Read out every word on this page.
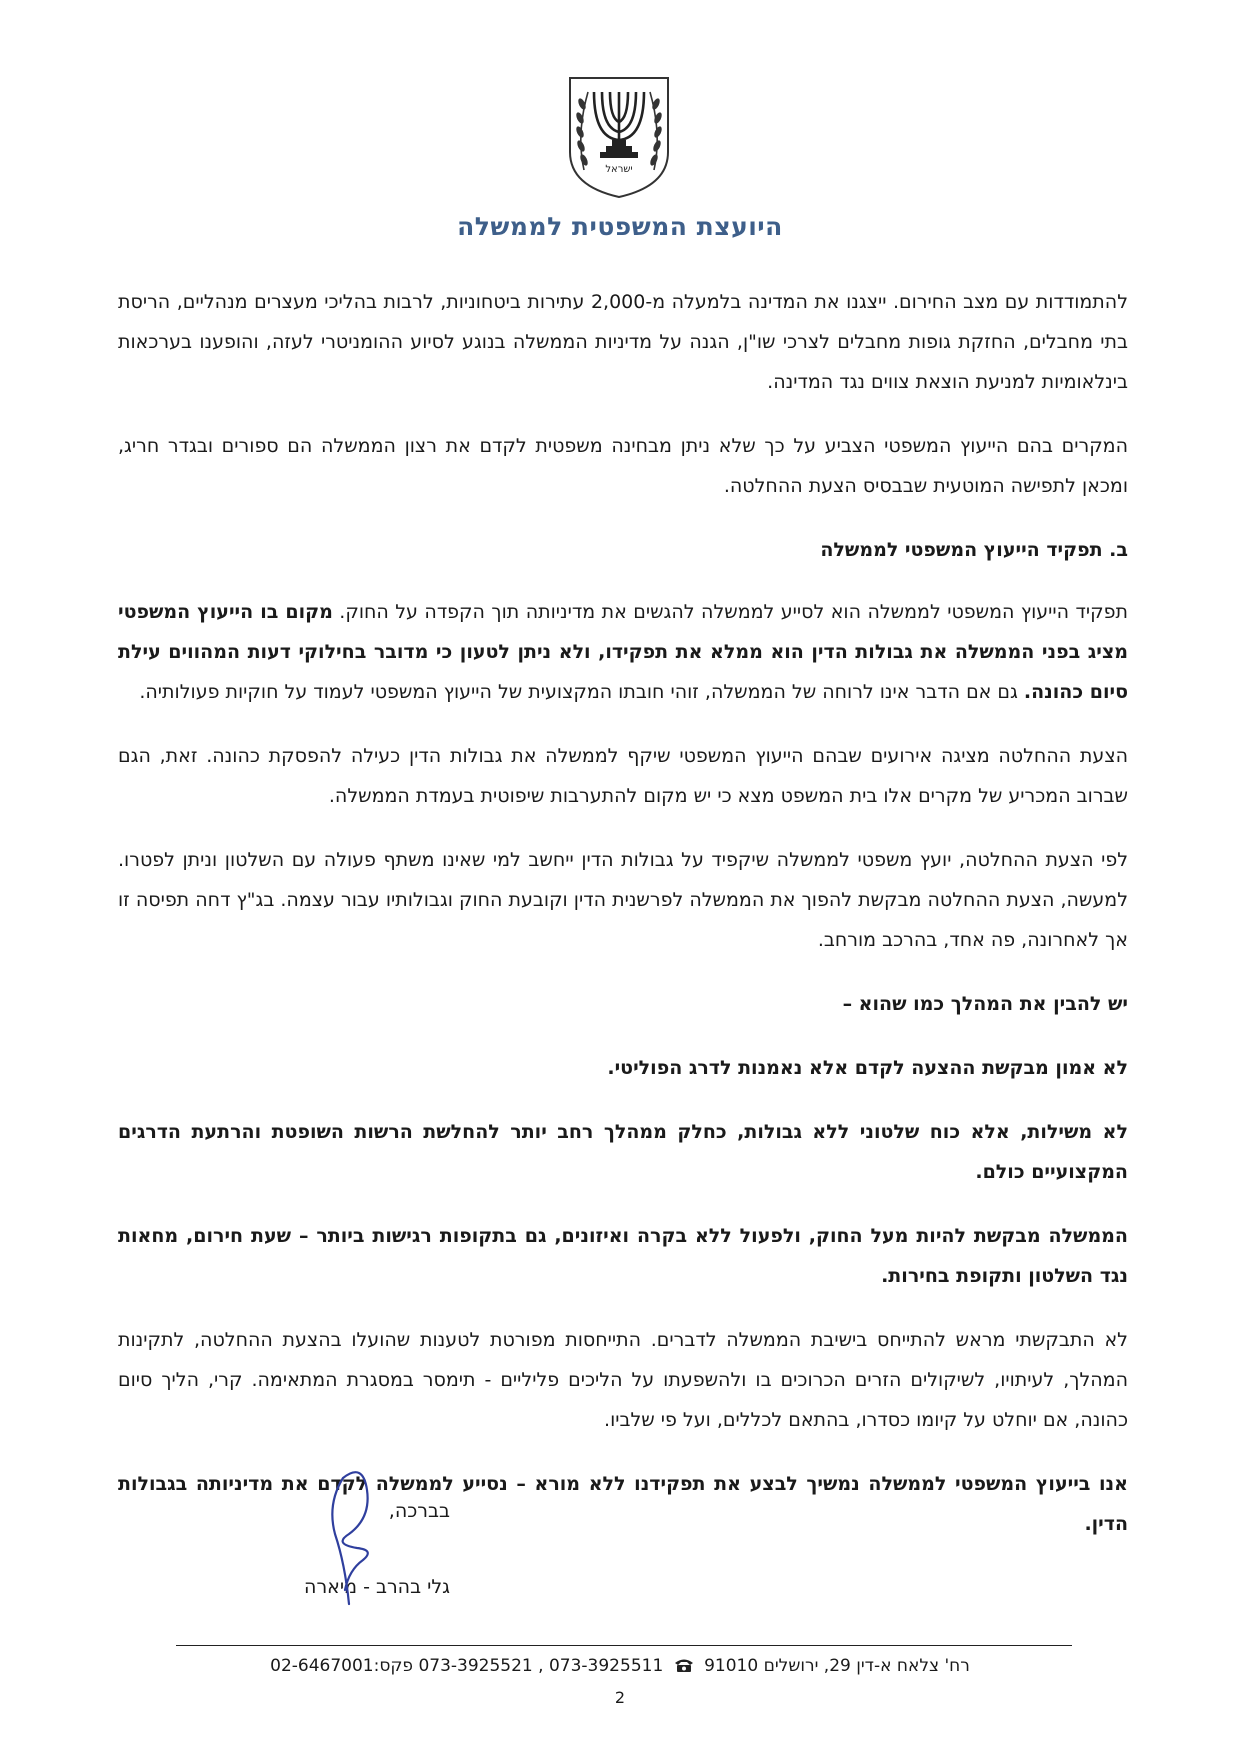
ישראל
היועצת המשפטית לממשלה

להתמודדות עם מצב החירום. ייצגנו את המדינה בלמעלה מ-2,000 עתירות ביטחוניות, לרבות בהליכי מעצרים מנהליים, הריסת בתי מחבלים, החזקת גופות מחבלים לצרכי שו"ן, הגנה על מדיניות הממשלה בנוגע לסיוע ההומניטרי לעזה, והופענו בערכאות בינלאומיות למניעת הוצאת צווים נגד המדינה.

המקרים בהם הייעוץ המשפטי הצביע על כך שלא ניתן מבחינה משפטית לקדם את רצון הממשלה הם ספורים ובגדר חריג, ומכאן לתפישה המוטעית שבבסיס הצעת ההחלטה.

ב. תפקיד הייעוץ המשפטי לממשלה

תפקיד הייעוץ המשפטי לממשלה הוא לסייע לממשלה להגשים את מדיניותה תוך הקפדה על החוק. מקום בו הייעוץ המשפטי מציג בפני הממשלה את גבולות הדין הוא ממלא את תפקידו, ולא ניתן לטעון כי מדובר בחילוקי דעות המהווים עילת סיום כהונה. גם אם הדבר אינו לרוחה של הממשלה, זוהי חובתו המקצועית של הייעוץ המשפטי לעמוד על חוקיות פעולותיה.

הצעת ההחלטה מציגה אירועים שבהם הייעוץ המשפטי שיקף לממשלה את גבולות הדין כעילה להפסקת כהונה. זאת, הגם שברוב המכריע של מקרים אלו בית המשפט מצא כי יש מקום להתערבות שיפוטית בעמדת הממשלה.

לפי הצעת ההחלטה, יועץ משפטי לממשלה שיקפיד על גבולות הדין ייחשב למי שאינו משתף פעולה עם השלטון וניתן לפטרו. למעשה, הצעת ההחלטה מבקשת להפוך את הממשלה לפרשנית הדין וקובעת החוק וגבולותיו עבור עצמה. בג"ץ דחה תפיסה זו אך לאחרונה, פה אחד, בהרכב מורחב.

יש להבין את המהלך כמו שהוא –

לא אמון מבקשת ההצעה לקדם אלא נאמנות לדרג הפוליטי.

לא משילות, אלא כוח שלטוני ללא גבולות, כחלק ממהלך רחב יותר להחלשת הרשות השופטת והרתעת הדרגים המקצועיים כולם.

הממשלה מבקשת להיות מעל החוק, ולפעול ללא בקרה ואיזונים, גם בתקופות רגישות ביותר – שעת חירום, מחאות נגד השלטון ותקופת בחירות.

לא התבקשתי מראש להתייחס בישיבת הממשלה לדברים. התייחסות מפורטת לטענות שהועלו בהצעת ההחלטה, לתקינות המהלך, לעיתויו, לשיקולים הזרים הכרוכים בו ולהשפעתו על הליכים פליליים - תימסר במסגרת המתאימה. קרי, הליך סיום כהונה, אם יוחלט על קיומו כסדרו, בהתאם לכללים, ועל פי שלביו.

אנו בייעוץ המשפטי לממשלה נמשיך לבצע את תפקידנו ללא מורא – נסייע לממשלה לקדם את מדיניותה בגבולות הדין.

בברכה,
גלי בהרב - מיארה
רח' צלאח א-דין 29, ירושלים 91010  073-3925511 , 073-3925521 פקס:02-6467001
2
